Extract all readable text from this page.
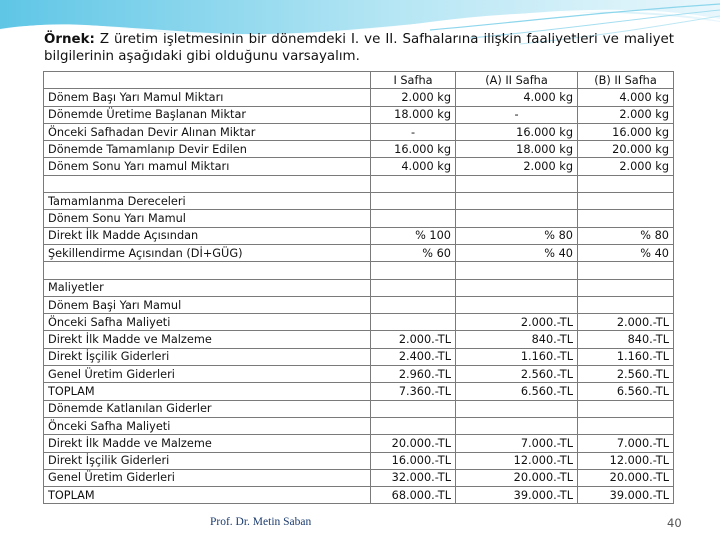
Örnek: Z üretim işletmesinin bir dönemdeki I. ve II. Safhalarına ilişkin faaliyetleri ve maliyet bilgilerinin aşağıdaki gibi olduğunu varsayalım.
	I Safha	(A) II Safha	(B) II Safha
Dönem Başı Yarı Mamul Miktarı	2.000 kg	4.000 kg	4.000 kg
Dönemde Üretime Başlanan Miktar	18.000 kg	-	2.000 kg
Önceki Safhadan Devir Alınan Miktar	-	16.000 kg	16.000 kg
Dönemde Tamamlanıp Devir Edilen	16.000 kg	18.000 kg	20.000 kg
Dönem Sonu Yarı mamul Miktarı	4.000 kg	2.000 kg	2.000 kg

Tamamlanma Dereceleri			
Dönem Sonu Yarı Mamul			
Direkt İlk Madde Açısından	% 100	% 80	% 80
Şekillendirme Açısından (Dİ+GÜG)	% 60	% 40	% 40

Maliyetler			
Dönem Başi Yarı Mamul			
Önceki Safha Maliyeti		2.000.-TL	2.000.-TL
Direkt İlk Madde ve Malzeme	2.000.-TL	840.-TL	840.-TL
Direkt İşçilik Giderleri	2.400.-TL	1.160.-TL	1.160.-TL
Genel Üretim Giderleri	2.960.-TL	2.560.-TL	2.560.-TL
TOPLAM	7.360.-TL	6.560.-TL	6.560.-TL
Dönemde Katlanılan Giderler			
Önceki Safha Maliyeti			
Direkt İlk Madde ve Malzeme	20.000.-TL	7.000.-TL	7.000.-TL
Direkt İşçilik Giderleri	16.000.-TL	12.000.-TL	12.000.-TL
Genel Üretim Giderleri	32.000.-TL	20.000.-TL	20.000.-TL
TOPLAM	68.000.-TL	39.000.-TL	39.000.-TL
Prof. Dr. Metin Saban	40
